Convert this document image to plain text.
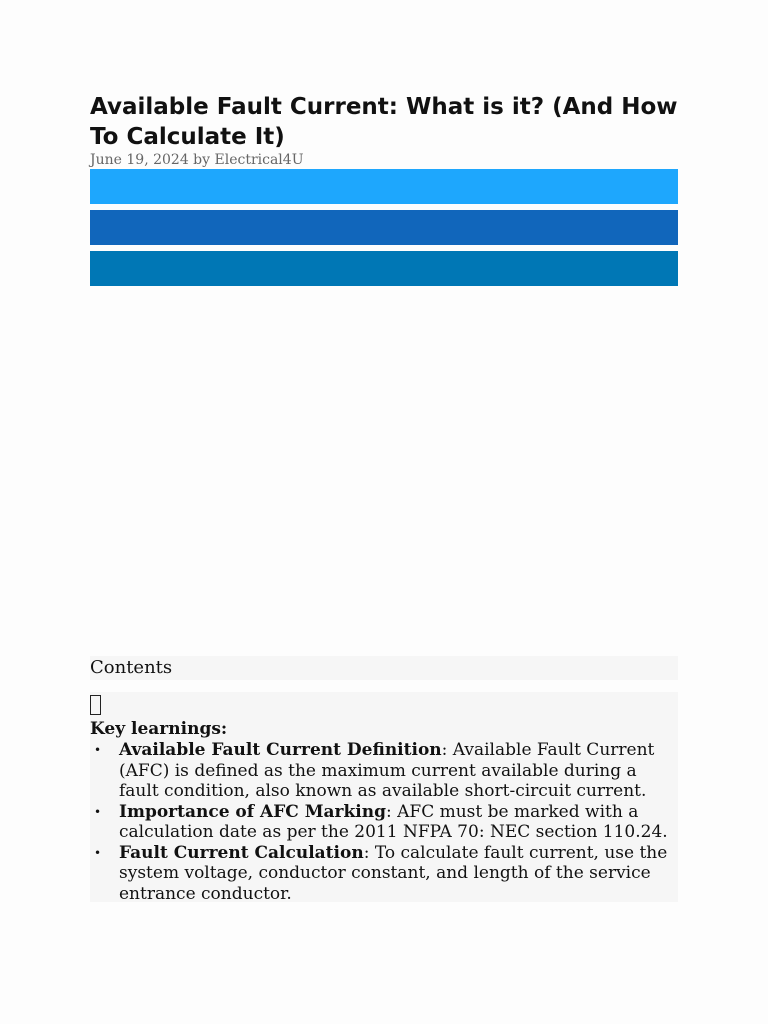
Available Fault Current: What is it? (And How To Calculate It)
June 19, 2024 by Electrical4U
Contents
Key learnings:
• Available Fault Current Definition: Available Fault Current (AFC) is defined as the maximum current available during a fault condition, also known as available short-circuit current.
• Importance of AFC Marking: AFC must be marked with a calculation date as per the 2011 NFPA 70: NEC section 110.24.
• Fault Current Calculation: To calculate fault current, use the system voltage, conductor constant, and length of the service entrance conductor.
